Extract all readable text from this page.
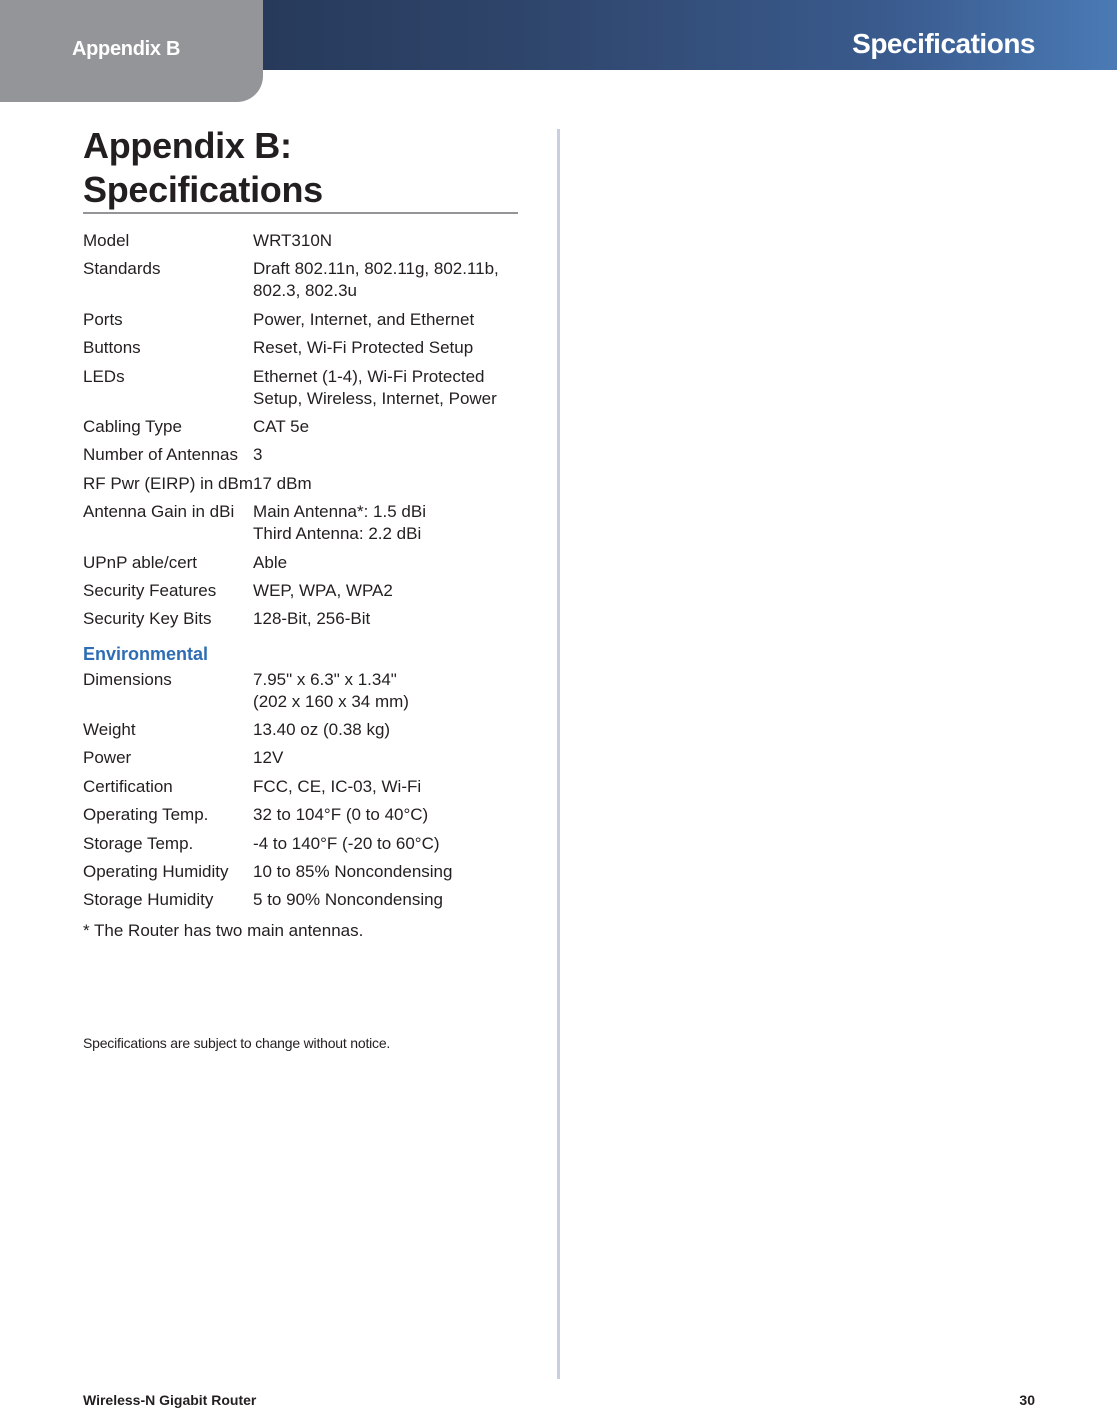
Specifications
Appendix B
Appendix B:
Specifications
Model	WRT310N

Standards	Draft 802.11n, 802.11g, 802.11b,
802.3, 802.3u

Ports	Power, Internet, and Ethernet

Buttons	Reset, Wi-Fi Protected Setup

LEDs	Ethernet (1-4), Wi-Fi Protected
Setup, Wireless, Internet, Power

Cabling Type	CAT 5e

Number of Antennas	3

RF Pwr (EIRP) in dBm	17 dBm

Antenna Gain in dBi	Main Antenna*: 1.5 dBi
Third Antenna: 2.2 dBi

UPnP able/cert	Able

Security Features	WEP, WPA, WPA2

Security Key Bits	128-Bit, 256-Bit

Environmental	
Dimensions	7.95" x 6.3" x 1.34"
(202 x 160 x 34 mm)

Weight	13.40 oz (0.38 kg)

Power	12V

Certification	FCC, CE, IC-03, Wi-Fi

Operating Temp.	32 to 104°F (0 to 40°C)

Storage Temp.	-4 to 140°F (-20 to 60°C)

Operating Humidity	10 to 85% Noncondensing

Storage Humidity	5 to 90% Noncondensing
* The Router has two main antennas.
Specifications are subject to change without notice.
Wireless-N Gigabit Router	30
